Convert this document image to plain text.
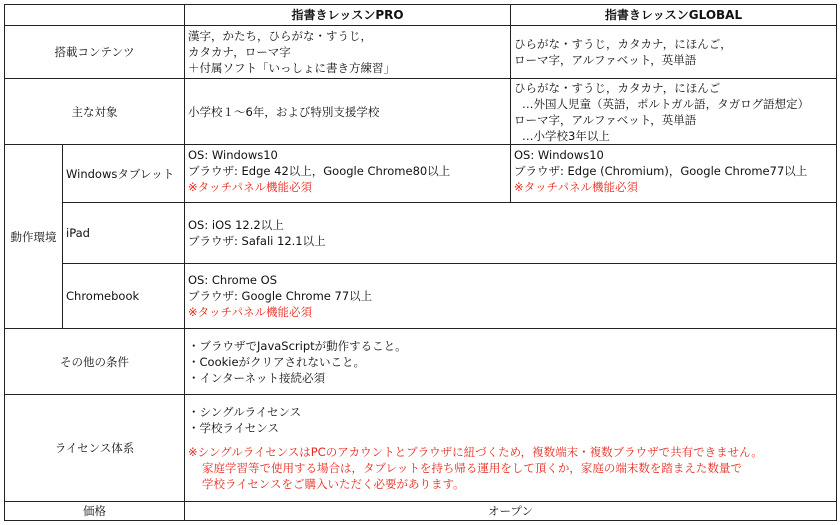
		指書きレッスンPRO	指書きレッスンGLOBAL
搭載コンテンツ		漢字，かたち，ひらがな・すうじ，
カタカナ，ローマ字
＋付属ソフト「いっしょに書き方練習」	ひらがな・すうじ，カタカナ，にほんご，
ローマ字，アルファベット，英単語

主な対象		小学校１～6年，および特別支援学校	ひらがな・すうじ，カタカナ，にほんご
…外国人児童（英語，ポルトガル語，タガログ語想定）
ローマ字，アルファベット，英単語
…小学校3年以上

動作環境	Windowsタブレット	OS: Windows10
ブラウザ: Edge 42以上，Google Chrome80以上
※タッチパネル機能必須	OS: Windows10
ブラウザ: Edge (Chromium)，Google Chrome77以上
※タッチパネル機能必須

	iPad	OS: iOS 12.2以上
ブラウザ: Safali 12.1以上	

	Chromebook	OS: Chrome OS
ブラウザ: Google Chrome 77以上
※タッチパネル機能必須	

その他の条件		・ブラウザでJavaScriptが動作すること。
・Cookieがクリアされないこと。
・インターネット接続必須	

ライセンス体系		・シングルライセンス
・学校ライセンス
※シングルライセンスはPCのアカウントとブラウザに紐づくため，複数端末・複数ブラウザで共有できません。
家庭学習等で使用する場合は，タブレットを持ち帰る運用をして頂くか，家庭の端末数を踏まえた数量で
学校ライセンスをご購入いただく必要があります。	

価格		オープン	
